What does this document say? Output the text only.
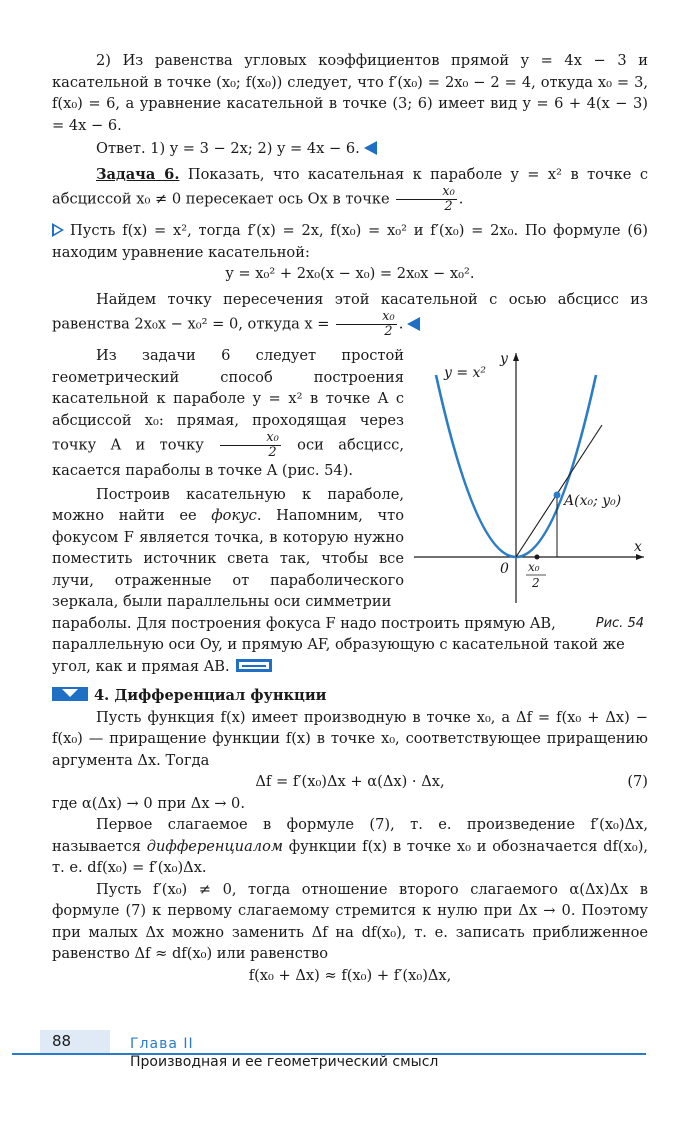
2) Из равенства угловых коэффициентов прямой y = 4x − 3 и касательной в точке (x₀; f(x₀)) следует, что f′(x₀) = 2x₀ − 2 = 4, откуда x₀ = 3, f(x₀) = 6, а уравнение касательной в точке (3; 6) имеет вид y = 6 + 4(x − 3) = 4x − 6.

Ответ. 1) y = 3 − 2x; 2) y = 4x − 6.

Задача 6. Показать, что касательная к параболе y = x² в точке с абсциссой x₀ ≠ 0 пересекает ось Ox в точке $\frac{\text{x₀}}{2}$ .

Пусть f(x) = x², тогда f′(x) = 2x, f(x₀) = x₀² и f′(x₀) = 2x₀. По формуле (6) находим уравнение касательной:

y = x₀² + 2x₀(x − x₀) = 2x₀x − x₀².

Найдем точку пересечения этой касательной с осью абсцисс из равенства 2x₀x − x₀² = 0, откуда $x = \frac{\text{x₀}}{2}$ .

Из задачи 6 следует простой геометрический способ построения касательной к параболе y = x² в точке A с абсциссой x₀: прямая, проходящая через точку A и точку $\frac{\text{x₀}}{2}$ оси абсцисс, касается параболы в точке A (рис. 54).

Построив касательную к параболе, можно найти ее фокус. Напомним, что фокусом F является точка, в которую нужно поместить источник света так, чтобы все лучи, отраженные от параболического зеркала, были параллельны оси симметрии

y = x²
y
x
0
A(x₀; y₀)
x₀
2
Рис. 54

параболы. Для построения фокуса F надо построить прямую AB, параллельную оси Oy, и прямую AF, образующую с касательной такой же угол, как и прямая AB.

4. Дифференциал функции

Пусть функция f(x) имеет производную в точке x₀, а Δf = f(x₀ + Δx) − f(x₀) — приращение функции f(x) в точке x₀, соответствующее приращению аргумента Δx. Тогда

Δf = f′(x₀)Δx + α(Δx) · Δx,	(7)

где α(Δx) → 0 при Δx → 0.

Первое слагаемое в формуле (7), т. е. произведение f′(x₀)Δx, называется дифференциалом функции f(x) в точке x₀ и обозначается df(x₀), т. е. df(x₀) = f′(x₀)Δx.

Пусть f′(x₀) ≠ 0, тогда отношение второго слагаемого α(Δx)Δx в формуле (7) к первому слагаемому стремится к нулю при Δx → 0. Поэтому при малых Δx можно заменить Δf на df(x₀), т. е. записать приближенное равенство Δf ≈ df(x₀) или равенство

f(x₀ + Δx) ≈ f(x₀) + f′(x₀)Δx,

88	Глава II
Производная и ее геометрический смысл
